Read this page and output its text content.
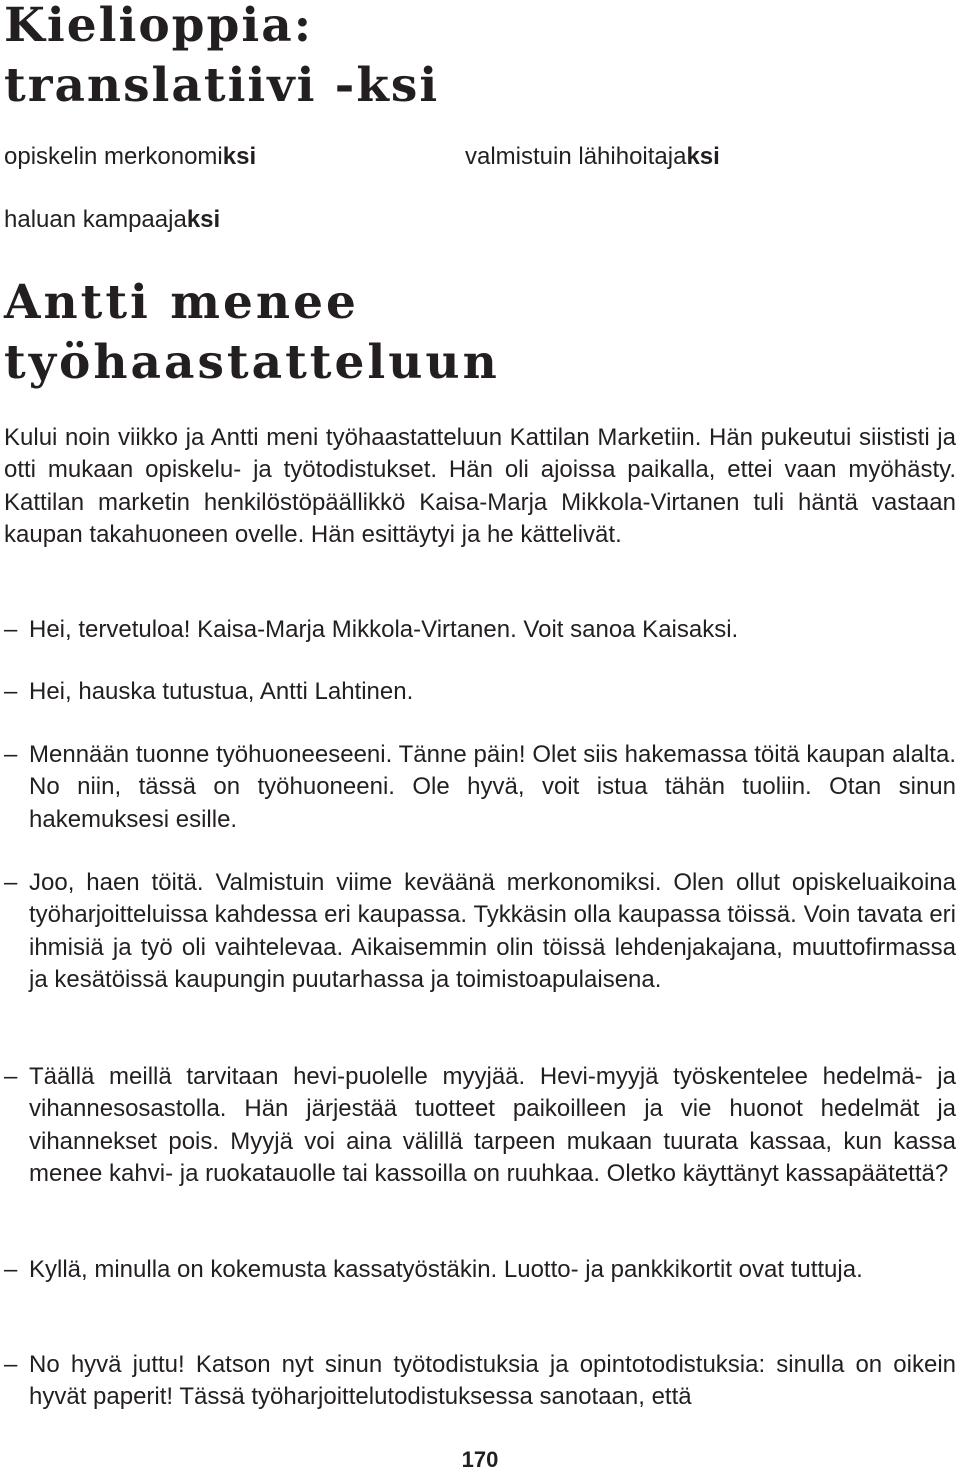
Kielioppia:
translatiivi -ksi
opiskelin merkonomiksi	valmistuin lähihoitajaksi
haluan kampaajaksi
Antti menee
työhaastatteluun

Kului noin viikko ja Antti meni työhaastatteluun Kattilan Marketiin. Hän pukeutui siististi ja otti mukaan opiskelu- ja työtodistukset. Hän oli ajoissa paikalla, ettei vaan myöhästy. Kattilan marketin henkilöstöpäällikkö Kaisa-Marja Mikkola-Virtanen tuli häntä vastaan kaupan takahuoneen ovelle. Hän esittäytyi ja he kättelivät.

– Hei, tervetuloa! Kaisa-Marja Mikkola-Virtanen. Voit sanoa Kaisaksi.

– Hei, hauska tutustua, Antti Lahtinen.

– Mennään tuonne työhuoneeseeni. Tänne päin! Olet siis hakemassa töitä kaupan alalta. No niin, tässä on työhuoneeni. Ole hyvä, voit istua tähän tuoliin. Otan sinun hakemuksesi esille.

– Joo, haen töitä. Valmistuin viime keväänä merkonomiksi. Olen ollut opiskeluaikoina työharjoitteluissa kahdessa eri kaupassa. Tykkäsin olla kaupassa töissä. Voin tavata eri ihmisiä ja työ oli vaihtelevaa. Aikaisemmin olin töissä lehdenjakajana, muuttofirmassa ja kesätöissä kaupungin puutarhassa ja toimistoapulaisena.

– Täällä meillä tarvitaan hevi-puolelle myyjää. Hevi-myyjä työskentelee hedelmä- ja vihannesosastolla. Hän järjestää tuotteet paikoilleen ja vie huonot hedelmät ja vihannekset pois. Myyjä voi aina välillä tarpeen mukaan tuurata kassaa, kun kassa menee kahvi- ja ruokatauolle tai kassoilla on ruuhkaa. Oletko käyttänyt kassapäätettä?

– Kyllä, minulla on kokemusta kassatyöstäkin. Luotto- ja pankkikortit ovat tuttuja.

– No hyvä juttu! Katson nyt sinun työtodistuksia ja opintotodistuksia: sinulla on oikein hyvät paperit! Tässä työharjoittelutodistuksessa sanotaan, että

170
